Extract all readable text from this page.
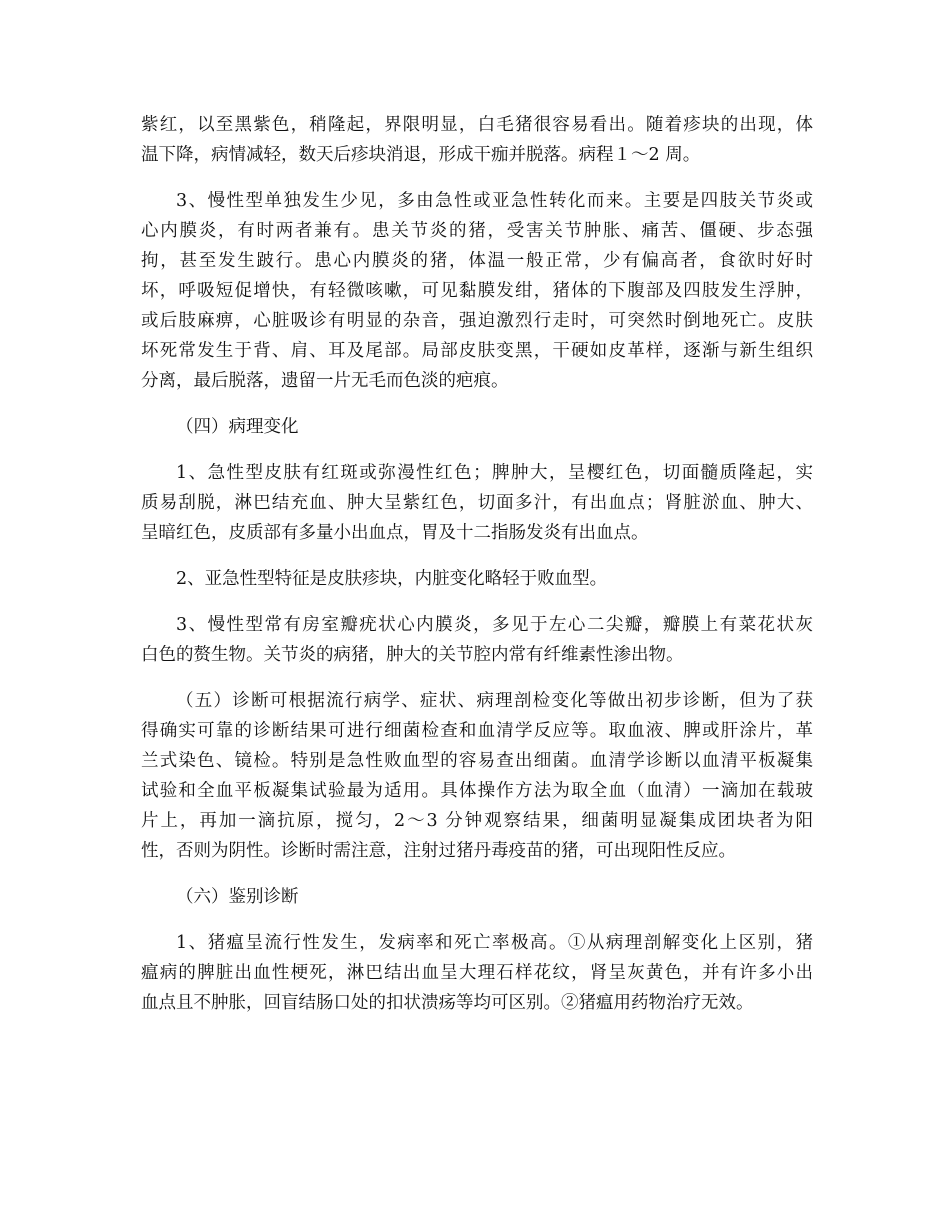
紫红，以至黑紫色，稍隆起，界限明显，白毛猪很容易看出。随着疹块的出现，体
温下降，病情减轻，数天后疹块消退，形成干痂并脱落。病程１～2 周。
3、慢性型单独发生少见，多由急性或亚急性转化而来。主要是四肢关节炎或
心内膜炎，有时两者兼有。患关节炎的猪，受害关节肿胀、痛苦、僵硬、步态强
拘，甚至发生跛行。患心内膜炎的猪，体温一般正常，少有偏高者，食欲时好时
坏，呼吸短促增快，有轻微咳嗽，可见黏膜发绀，猪体的下腹部及四肢发生浮肿，
或后肢麻痹，心脏吸诊有明显的杂音，强迫激烈行走时，可突然时倒地死亡。皮肤
坏死常发生于背、肩、耳及尾部。局部皮肤变黑，干硬如皮革样，逐渐与新生组织
分离，最后脱落，遗留一片无毛而色淡的疤痕。
（四）病理变化
1、急性型皮肤有红斑或弥漫性红色；脾肿大，呈樱红色，切面髓质隆起，实
质易刮脱，淋巴结充血、肿大呈紫红色，切面多汁，有出血点；肾脏淤血、肿大、
呈暗红色，皮质部有多量小出血点，胃及十二指肠发炎有出血点。
2、亚急性型特征是皮肤疹块，内脏变化略轻于败血型。
3、慢性型常有房室瓣疣状心内膜炎，多见于左心二尖瓣，瓣膜上有菜花状灰
白色的赘生物。关节炎的病猪，肿大的关节腔内常有纤维素性渗出物。
（五）诊断可根据流行病学、症状、病理剖检变化等做出初步诊断，但为了获
得确实可靠的诊断结果可进行细菌检查和血清学反应等。取血液、脾或肝涂片，革
兰式染色、镜检。特别是急性败血型的容易查出细菌。血清学诊断以血清平板凝集
试验和全血平板凝集试验最为适用。具体操作方法为取全血（血清）一滴加在载玻
片上，再加一滴抗原，搅匀，2～3 分钟观察结果，细菌明显凝集成团块者为阳
性，否则为阴性。诊断时需注意，注射过猪丹毒疫苗的猪，可出现阳性反应。
（六）鉴别诊断
1、猪瘟呈流行性发生，发病率和死亡率极高。①从病理剖解变化上区别，猪
瘟病的脾脏出血性梗死，淋巴结出血呈大理石样花纹，肾呈灰黄色，并有许多小出
血点且不肿胀，回盲结肠口处的扣状溃疡等均可区别。②猪瘟用药物治疗无效。
